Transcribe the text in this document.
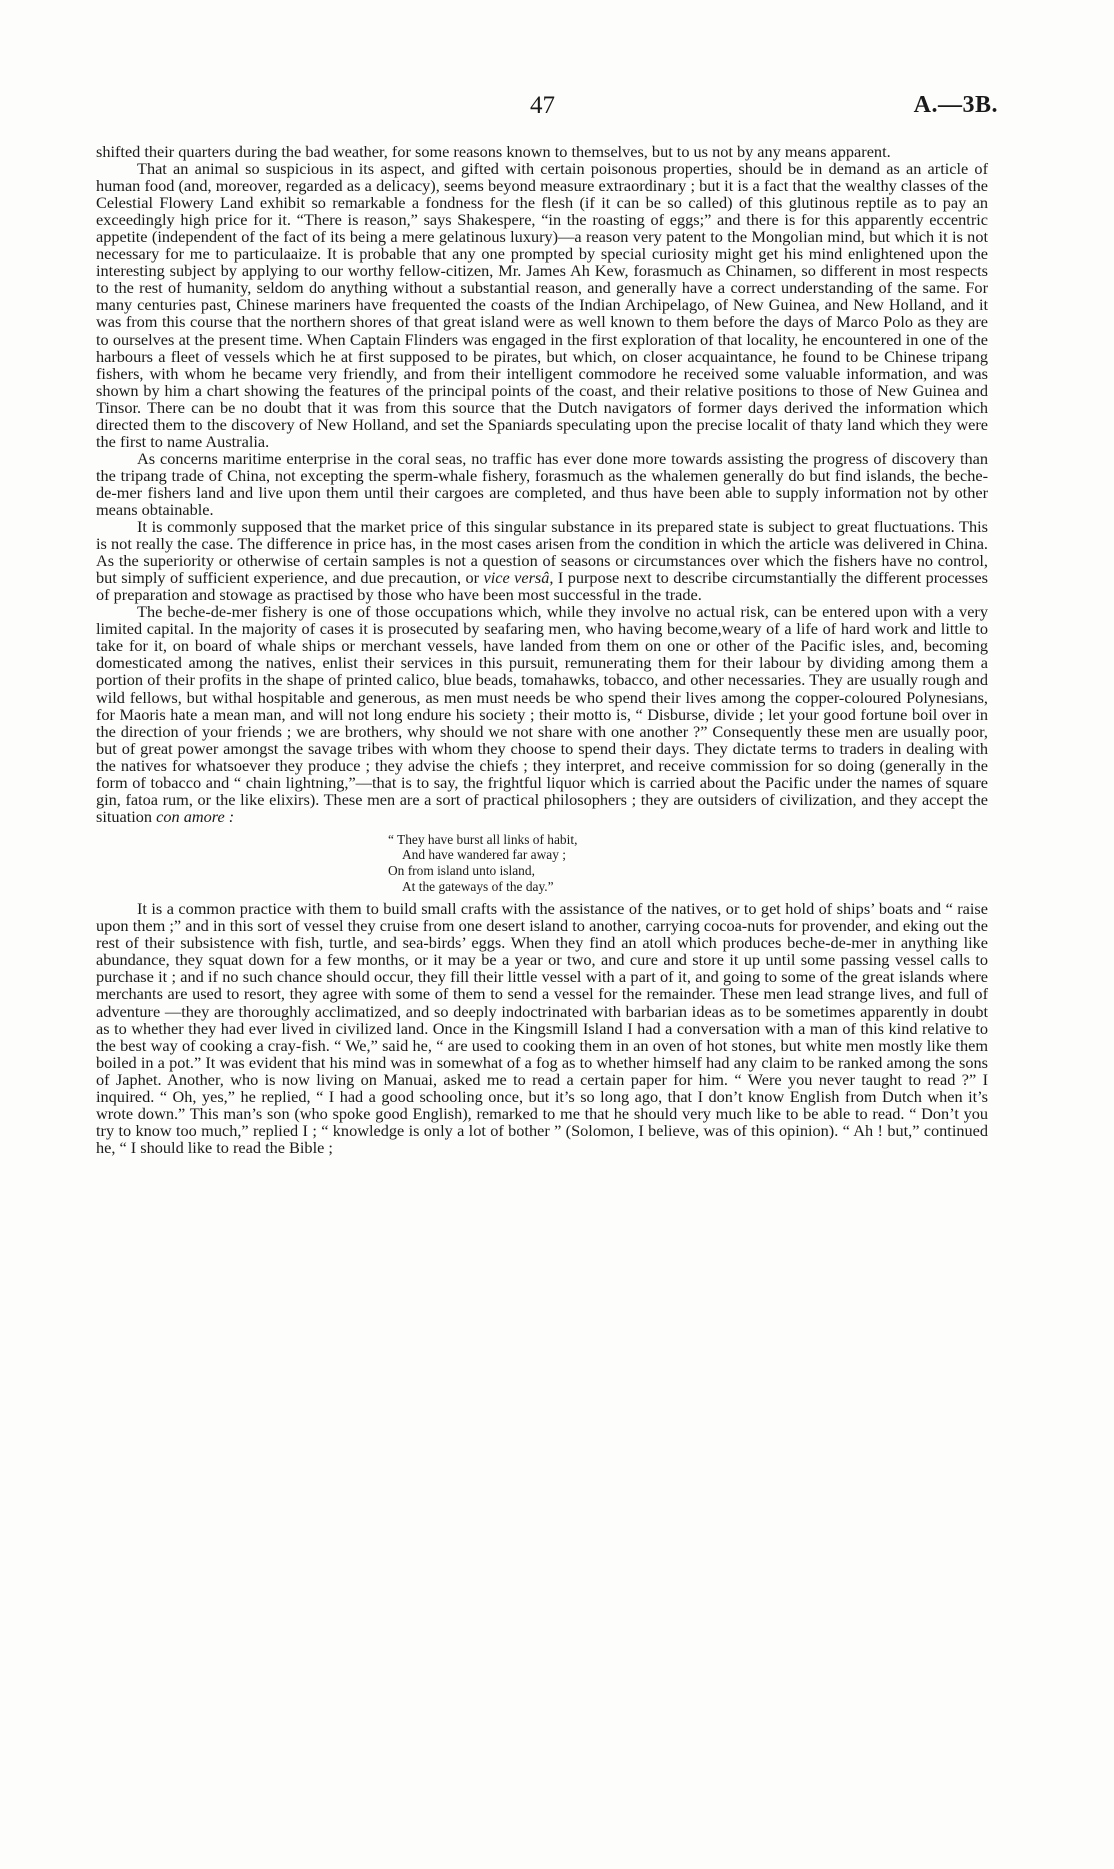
47	A.—3B.

shifted their quarters during the bad weather, for some reasons known to themselves, but to us not by any means apparent.

That an animal so suspicious in its aspect, and gifted with certain poisonous properties, should be in demand as an article of human food (and, moreover, regarded as a delicacy), seems beyond measure extraordinary ; but it is a fact that the wealthy classes of the Celestial Flowery Land exhibit so remarkable a fondness for the flesh (if it can be so called) of this glutinous reptile as to pay an exceedingly high price for it. “There is reason,” says Shakespere, “in the roasting of eggs;” and there is for this apparently eccentric appetite (independent of the fact of its being a mere gelatinous luxury)—a reason very patent to the Mongolian mind, but which it is not necessary for me to particulaaize. It is probable that any one prompted by special curiosity might get his mind enlightened upon the interesting subject by applying to our worthy fellow-citizen, Mr. James Ah Kew, forasmuch as Chinamen, so different in most respects to the rest of humanity, seldom do anything without a substantial reason, and generally have a correct understanding of the same. For many centuries past, Chinese mariners have frequented the coasts of the Indian Archipelago, of New Guinea, and New Holland, and it was from this course that the northern shores of that great island were as well known to them before the days of Marco Polo as they are to ourselves at the present time. When Captain Flinders was engaged in the first exploration of that locality, he encountered in one of the harbours a fleet of vessels which he at first supposed to be pirates, but which, on closer acquaintance, he found to be Chinese tripang fishers, with whom he became very friendly, and from their intelligent commodore he received some valuable information, and was shown by him a chart showing the features of the principal points of the coast, and their relative positions to those of New Guinea and Tinsor. There can be no doubt that it was from this source that the Dutch navigators of former days derived the information which directed them to the discovery of New Holland, and set the Spaniards speculating upon the precise localit of thaty land which they were the first to name Australia.

As concerns maritime enterprise in the coral seas, no traffic has ever done more towards assisting the progress of discovery than the tripang trade of China, not excepting the sperm-whale fishery, forasmuch as the whalemen generally do but find islands, the beche-de-mer fishers land and live upon them until their cargoes are completed, and thus have been able to supply information not by other means obtainable.

It is commonly supposed that the market price of this singular substance in its prepared state is subject to great fluctuations. This is not really the case. The difference in price has, in the most cases arisen from the condition in which the article was delivered in China. As the superiority or otherwise of certain samples is not a question of seasons or circumstances over which the fishers have no control, but simply of sufficient experience, and due precaution, or vice versâ, I purpose next to describe circumstantially the different processes of preparation and stowage as practised by those who have been most successful in the trade.

The beche-de-mer fishery is one of those occupations which, while they involve no actual risk, can be entered upon with a very limited capital. In the majority of cases it is prosecuted by seafaring men, who having become,weary of a life of hard work and little to take for it, on board of whale ships or merchant vessels, have landed from them on one or other of the Pacific isles, and, becoming domesticated among the natives, enlist their services in this pursuit, remunerating them for their labour by dividing among them a portion of their profits in the shape of printed calico, blue beads, tomahawks, tobacco, and other necessaries. They are usually rough and wild fellows, but withal hospitable and generous, as men must needs be who spend their lives among the copper-coloured Polynesians, for Maoris hate a mean man, and will not long endure his society ; their motto is, “ Disburse, divide ; let your good fortune boil over in the direction of your friends ; we are brothers, why should we not share with one another ?” Consequently these men are usually poor, but of great power amongst the savage tribes with whom they choose to spend their days. They dictate terms to traders in dealing with the natives for whatsoever they produce ; they advise the chiefs ; they interpret, and receive commission for so doing (generally in the form of tobacco and “ chain lightning,”—that is to say, the frightful liquor which is carried about the Pacific under the names of square gin, fatoa rum, or the like elixirs). These men are a sort of practical philosophers ; they are outsiders of civilization, and they accept the situation con amore :

“ They have burst all links of habit,
And have wandered far away ;
On from island unto island,
At the gateways of the day.”

It is a common practice with them to build small crafts with the assistance of the natives, or to get hold of ships’ boats and “ raise upon them ;” and in this sort of vessel they cruise from one desert island to another, carrying cocoa-nuts for provender, and eking out the rest of their subsistence with fish, turtle, and sea-birds’ eggs. When they find an atoll which produces beche-de-mer in anything like abundance, they squat down for a few months, or it may be a year or two, and cure and store it up until some passing vessel calls to purchase it ; and if no such chance should occur, they fill their little vessel with a part of it, and going to some of the great islands where merchants are used to resort, they agree with some of them to send a vessel for the remainder. These men lead strange lives, and full of adventure —they are thoroughly acclimatized, and so deeply indoctrinated with barbarian ideas as to be sometimes apparently in doubt as to whether they had ever lived in civilized land. Once in the Kingsmill Island I had a conversation with a man of this kind relative to the best way of cooking a cray-fish. “ We,” said he, “ are used to cooking them in an oven of hot stones, but white men mostly like them boiled in a pot.” It was evident that his mind was in somewhat of a fog as to whether himself had any claim to be ranked among the sons of Japhet. Another, who is now living on Manuai, asked me to read a certain paper for him. “ Were you never taught to read ?” I inquired. “ Oh, yes,” he replied, “ I had a good schooling once, but it’s so long ago, that I don’t know English from Dutch when it’s wrote down.” This man’s son (who spoke good English), remarked to me that he should very much like to be able to read. “ Don’t you try to know too much,” replied I ; “ knowledge is only a lot of bother ” (Solomon, I believe, was of this opinion). “ Ah ! but,” continued he, “ I should like to read the Bible ;
